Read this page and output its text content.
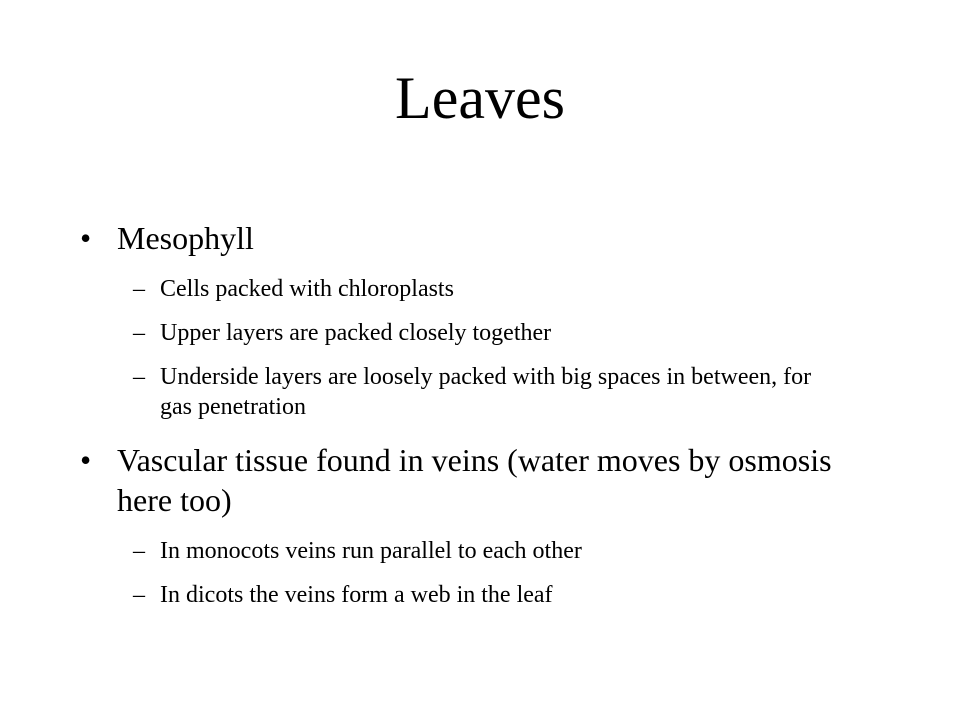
Leaves
• Mesophyll
– Cells packed with chloroplasts
– Upper layers are packed closely together
– Underside layers are loosely packed with big spaces in between, for gas penetration
• Vascular tissue found in veins (water moves by osmosis here too)
– In monocots veins run parallel to each other
– In dicots the veins form a web in the leaf
